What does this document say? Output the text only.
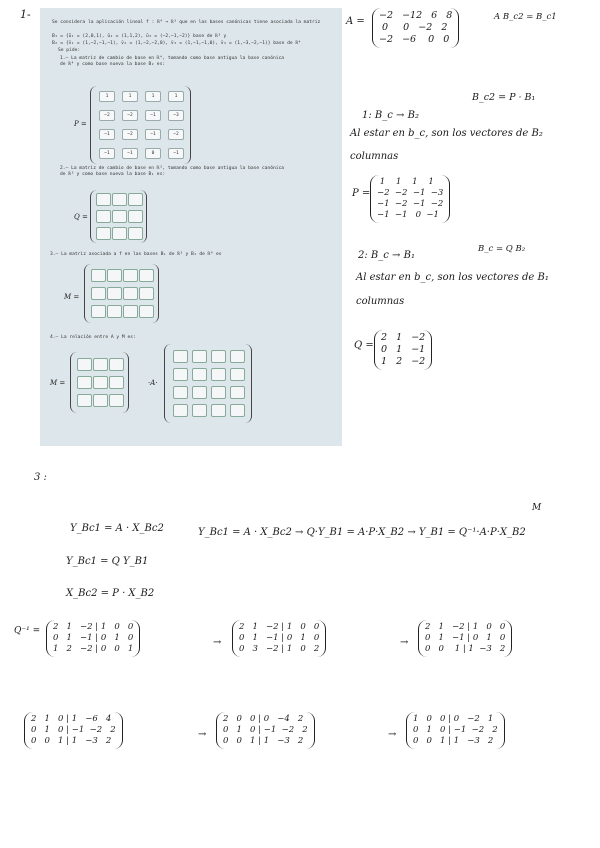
1-
Se considera la aplicación lineal f : ℝ⁴ → ℝ³ que en las bases canónicas tiene asociada la matriz
B₁ = {ū₁ = (2,0,1), ū₂ = (1,1,2), ū₃ = (−2,−1,−2)} base de ℝ³ y
B₂ = {v̄₁ = (1,−2,−1,−1), v̄₂ = (1,−2,−2,0), v̄₃ = (1,−1,−1,0), v̄₄ = (1,−3,−2,−1)} base de ℝ⁴
Se pide:
1.– La matriz de cambio de base en ℝ⁴, tomando como base antigua la base canónica de ℝ⁴ y como base nueva la base B₂ es:
P =
1	1	1	1
−2	−2	−1	−3
−1	−2	−1	−2
−1	−1	0	−1
2.– La matriz de cambio de base en ℝ³, tomando como base antigua la base canónica de ℝ³ y como base nueva la base B₁ es:
Q =
3.– La matriz asociada a f en las bases B₁ de ℝ³ y B₂ de ℝ⁴ es
M =
4.– La relación entre A y M es:
M =	·A·
A =
−2   −12   6   8
0     0   −2   2
−2   −6    0   0
A B_c2 = B_c1
B_c2 = P · B₁
1: B_c → B₂
Al estar en b_c, son los vectores de B₂
columnas
P =
1    1    1    1
−2  −2  −1  −3
−1  −2  −1  −2
−1  −1   0  −1
2: B_c → B₁
B_c = Q B₂
Al estar en b_c, son los vectores de B₁
columnas
Q =
2   1   −2
0   1   −1
1   2   −2
3 :
M
Y_Bc1 = A · X_Bc2 → Q·Y_B1 = A·P·X_B2 → Y_B1 = Q⁻¹·A·P·X_B2
Y_Bc1 = A · X_Bc2
Y_Bc1 = Q Y_B1
X_Bc2 = P · X_B2
Q⁻¹ = 2   1   −2 | 1   0   0
0   1   −1 | 0   1   0
1   2   −2 | 0   0   1
→
2   1   −2 | 1   0   0
0   1   −1 | 0   1   0
0   3   −2 | 1   0   2
→
2   1   −2 | 1   0   0
0   1   −1 | 0   1   0
0   0    1 | 1  −3   2
2   1   0 | 1   −6   4
0   1   0 | −1  −2   2
0   0   1 | 1   −3   2
→
2   0   0 | 0   −4   2
0   1   0 | −1  −2   2
0   0   1 | 1   −3   2
→
1   0   0 | 0   −2   1
0   1   0 | −1  −2   2
0   0   1 | 1   −3   2
